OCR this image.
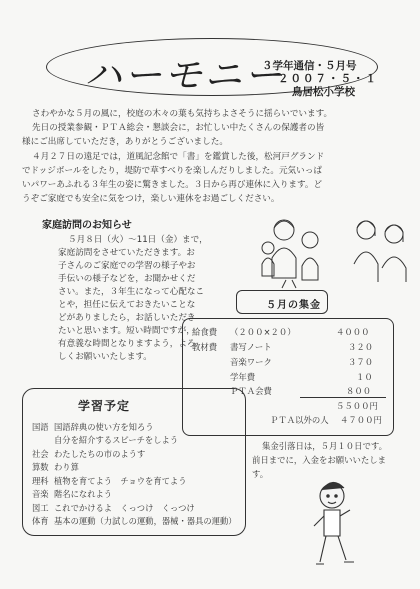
ハーモニー
３学年通信・５月号
２００７・５・１
鳥居松小学校
さわやかな５月の風に，校庭の木々の葉も気持ちよさそうに揺らいでいます。
先日の授業参観・ＰＴＡ総会・懇談会に，お忙しい中たくさんの保護者の皆
様にご出席していただき，ありがとうございました。
４月２７日の遠足では，道風記念館で「書」を鑑賞した後，松河戸グランド
でドッジボールをしたり，堤防で草すべりを楽しんだりしました。元気いっぱ
いパワーあふれる３年生の姿に驚きました。３日から再び連休に入ります。ど
うぞご家庭でも安全に気をつけ，楽しい連休をお過ごしください。
家庭訪問のお知らせ
５月８日（火）～11日（金）まで，
家庭訪問をさせていただきます。お
子さんのご家庭での学習の様子やお
手伝いの様子などを，お聞かせくだ
さい。また，３年生になって心配なこ
とや，担任に伝えておきたいことな
どがありましたら，お話しいただき
たいと思います。短い時間ですが，
有意義な時間となりますよう，よろ
しくお願いいたします。
５月の集金
給食費 （２００×２０）	４０００
教材費 書写ノート	３２０
音楽ワーク	３７０
学年費	１０
ＰＴＡ会費	８００
５５００円
ＰＴＡ以外の人 ４７００円
集金引落日は，５月１０日です。
前日までに，入金をお願いいたしま
す。
学習予定
国語 国語辞典の使い方を知ろう
自分を紹介するスピーチをしよう
社会 わたしたちの市のようす
算数 わり算
理科 植物を育てよう　チョウを育てよう
音楽 階名になれよう
図工 これでかけるよ　くっつけ　くっつけ
体育 基本の運動（力試しの運動，器械・器具の運動）
